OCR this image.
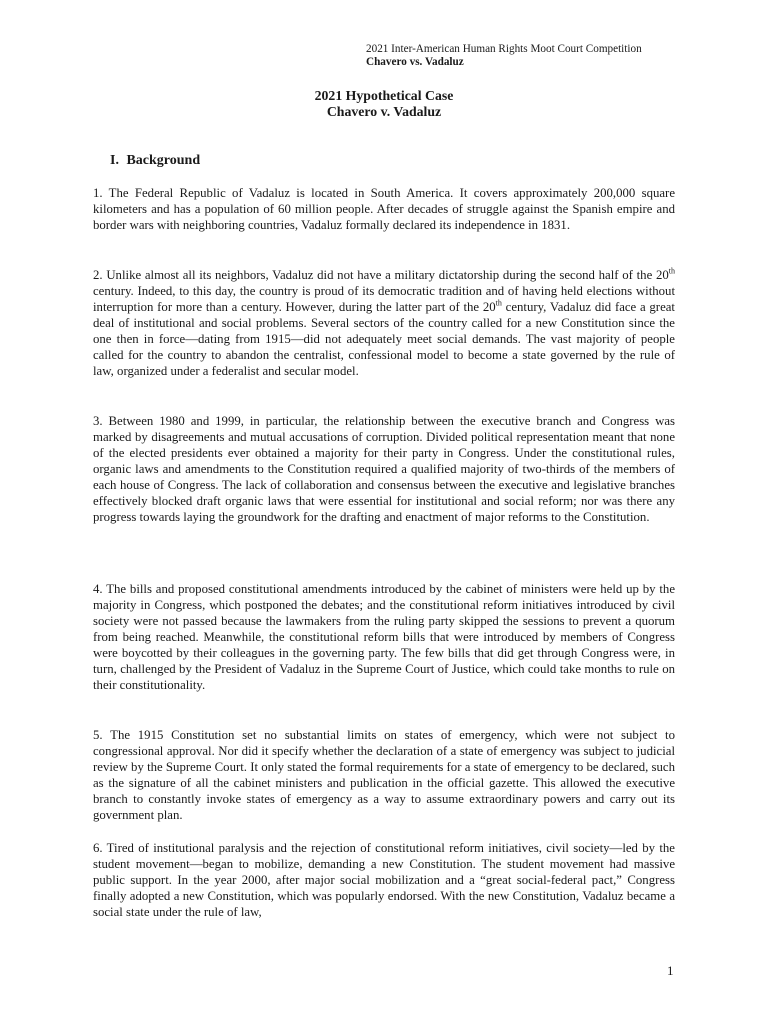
2021 Inter-American Human Rights Moot Court Competition
Chavero vs. Vadaluz
2021 Hypothetical Case
Chavero v. Vadaluz
I. Background

1. The Federal Republic of Vadaluz is located in South America. It covers approximately 200,000 square kilometers and has a population of 60 million people. After decades of struggle against the Spanish empire and border wars with neighboring countries, Vadaluz formally declared its independence in 1831.

2. Unlike almost all its neighbors, Vadaluz did not have a military dictatorship during the second half of the 20th century. Indeed, to this day, the country is proud of its democratic tradition and of having held elections without interruption for more than a century. However, during the latter part of the 20th century, Vadaluz did face a great deal of institutional and social problems. Several sectors of the country called for a new Constitution since the one then in force—dating from 1915—did not adequately meet social demands. The vast majority of people called for the country to abandon the centralist, confessional model to become a state governed by the rule of law, organized under a federalist and secular model.

3. Between 1980 and 1999, in particular, the relationship between the executive branch and Congress was marked by disagreements and mutual accusations of corruption. Divided political representation meant that none of the elected presidents ever obtained a majority for their party in Congress. Under the constitutional rules, organic laws and amendments to the Constitution required a qualified majority of two-thirds of the members of each house of Congress. The lack of collaboration and consensus between the executive and legislative branches effectively blocked draft organic laws that were essential for institutional and social reform; nor was there any progress towards laying the groundwork for the drafting and enactment of major reforms to the Constitution.

4. The bills and proposed constitutional amendments introduced by the cabinet of ministers were held up by the majority in Congress, which postponed the debates; and the constitutional reform initiatives introduced by civil society were not passed because the lawmakers from the ruling party skipped the sessions to prevent a quorum from being reached. Meanwhile, the constitutional reform bills that were introduced by members of Congress were boycotted by their colleagues in the governing party. The few bills that did get through Congress were, in turn, challenged by the President of Vadaluz in the Supreme Court of Justice, which could take months to rule on their constitutionality.

5. The 1915 Constitution set no substantial limits on states of emergency, which were not subject to congressional approval. Nor did it specify whether the declaration of a state of emergency was subject to judicial review by the Supreme Court. It only stated the formal requirements for a state of emergency to be declared, such as the signature of all the cabinet ministers and publication in the official gazette. This allowed the executive branch to constantly invoke states of emergency as a way to assume extraordinary powers and carry out its government plan.

6. Tired of institutional paralysis and the rejection of constitutional reform initiatives, civil society—led by the student movement—began to mobilize, demanding a new Constitution. The student movement had massive public support. In the year 2000, after major social mobilization and a “great social-federal pact,” Congress finally adopted a new Constitution, which was popularly endorsed. With the new Constitution, Vadaluz became a social state under the rule of law,

1
